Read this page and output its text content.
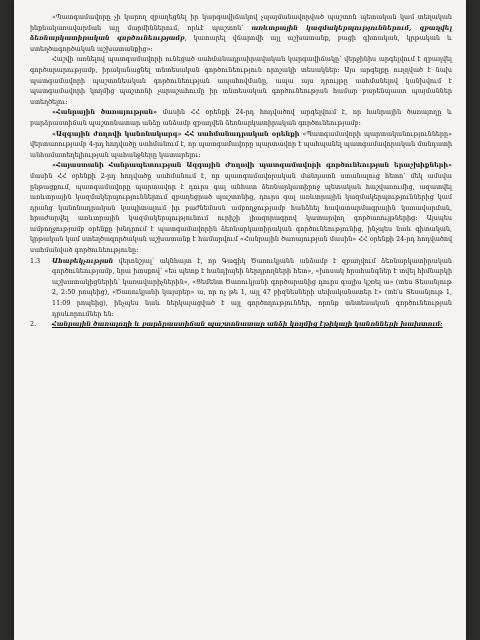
«Պատգամավորը չի կարող զբաղեցնել իր կարգավիճակով չպայմանավորված պաշտոն պետական կամ տեղական ինքնակառավարման այլ մարմիններում, որևէ պաշտոն՝ առևտրային կազմակերպություններում, զբաղվել ձեռնարկատիրական գործունեությամբ, կատարել վճարովի այլ աշխատանք, բացի գիտական, կրթական և ստեղծագործական աշխատանքից»:

Հաշվի առնելով պատգամավորի ունեցած սահմանադրաիրավական կարգավիճակը՝ վերջինիս արգելվում է զբաղվել գործարարությամբ, իրականացնել տնտեսական գործունեություն որոշակի տեսակներ: Այս արգելքը ուղղված է նախ պատգամավորի պաշտոնեական գործունեության ապահովմանը, ապա այս դրույթը սահմանելով կանխվում է պատգամավորի կողմից պաշտոնի չարաշահումը իր տնտեսական գործունեության համար բարենպաստ պայմաններ ստեղծելու:

«Հանրային ծառայության» մասին ՀՀ օրենքի 24-րդ հոդվածով արգելվում է, որ հանրային ծառայողը և բարձրաստիճան պաշտոնատար անձը անձամբ զբաղվեն ձեռնարկատիրական գործունեությամբ:

«Ազգային ժողովի կանոնակարգ» ՀՀ սահմանադրական օրենքի «Պատգամավորի պարտականությունները» վերտառությամբ 4-րդ հոդվածը սահմանում է, որ պատգամավորը պարտավոր է պահպանել պատգամավորական մանդատի անհամատեղելիության պահանջները կատարելու:

«Հայաստանի Հանրապետության Ազգային Ժողովի պատգամավորի գործունեության երաշխիքների» մասին ՀՀ օրենքի 2-րդ հոդվածը սահմանում է, որ պատգամավորական մանդատն ստանալուց հետո՝ մեկ ամսվա ընթացքում, պատգամավորը պարտավոր է դուրս գալ անհատ ձեռնարկատիրոջ պետական հաշվառումից, ազատվել առևտրային կազմակերպություններում զբաղեցրած պաշտոնից, դուրս գալ առևտրային կազմակերպություններից կամ դրանց կանոնադրական կապիտալում իր բաժնեմասն ամբողջությամբ հանձնել հավատարմագրային կառավարման, հրաժարվել առևտրային կազմակերպությունում ուրիշի լիազորագրով կատարվող գործառույթներից: Այսպես ամբողջությամբ օրենքը խնդրում է պատգամավորին ձեռնարկատիրական գործունեությունից, ինչպես նաև գիտական, կրթական կամ ստեղծագործական աշխատանք է համարվում «Հանրային ծառայության մասին» ՀՀ օրենքի 24-րդ հոդվածով սահմանված գործունեությունը:

1.3	Ահաբեկչության վերոնշյալ՝ ակնհայտ է, որ Գագիկ Ծառուկյանն անձամբ է զբաղվում ձեռնարկատիրական գործունեությամբ, նրա խոսքով՝ «ես պետք է հանդիպեի ներդրողների հետ», «խոսակ հրահանգներ է տվել հիմնարկի աշխատակիցներին՝ կառավարիչներին», «Ցեմենտ Ծառուկյանի գործարանից դուրս գալիս կշռել ա» (տես Տեսանյութ 2, 2:50 րոպեից), «Ծառուկյանի կայսրեր» ա, որ ոչ թե 1, այլ 47 բիզնեսների սեփականատեր է» (տե՛ս Տեսանյութ 1, 11:09 րոպեից), ինչպես նաև ներկայացված է այլ գործողություններ, որոնք տնտեսական գործունեության դրսևորումներ են:

2.	Հանրային ծառայողի և բարձրաստիճան պաշտոնատար անձի կողմից էթիկայի կանոնների խախտում:
